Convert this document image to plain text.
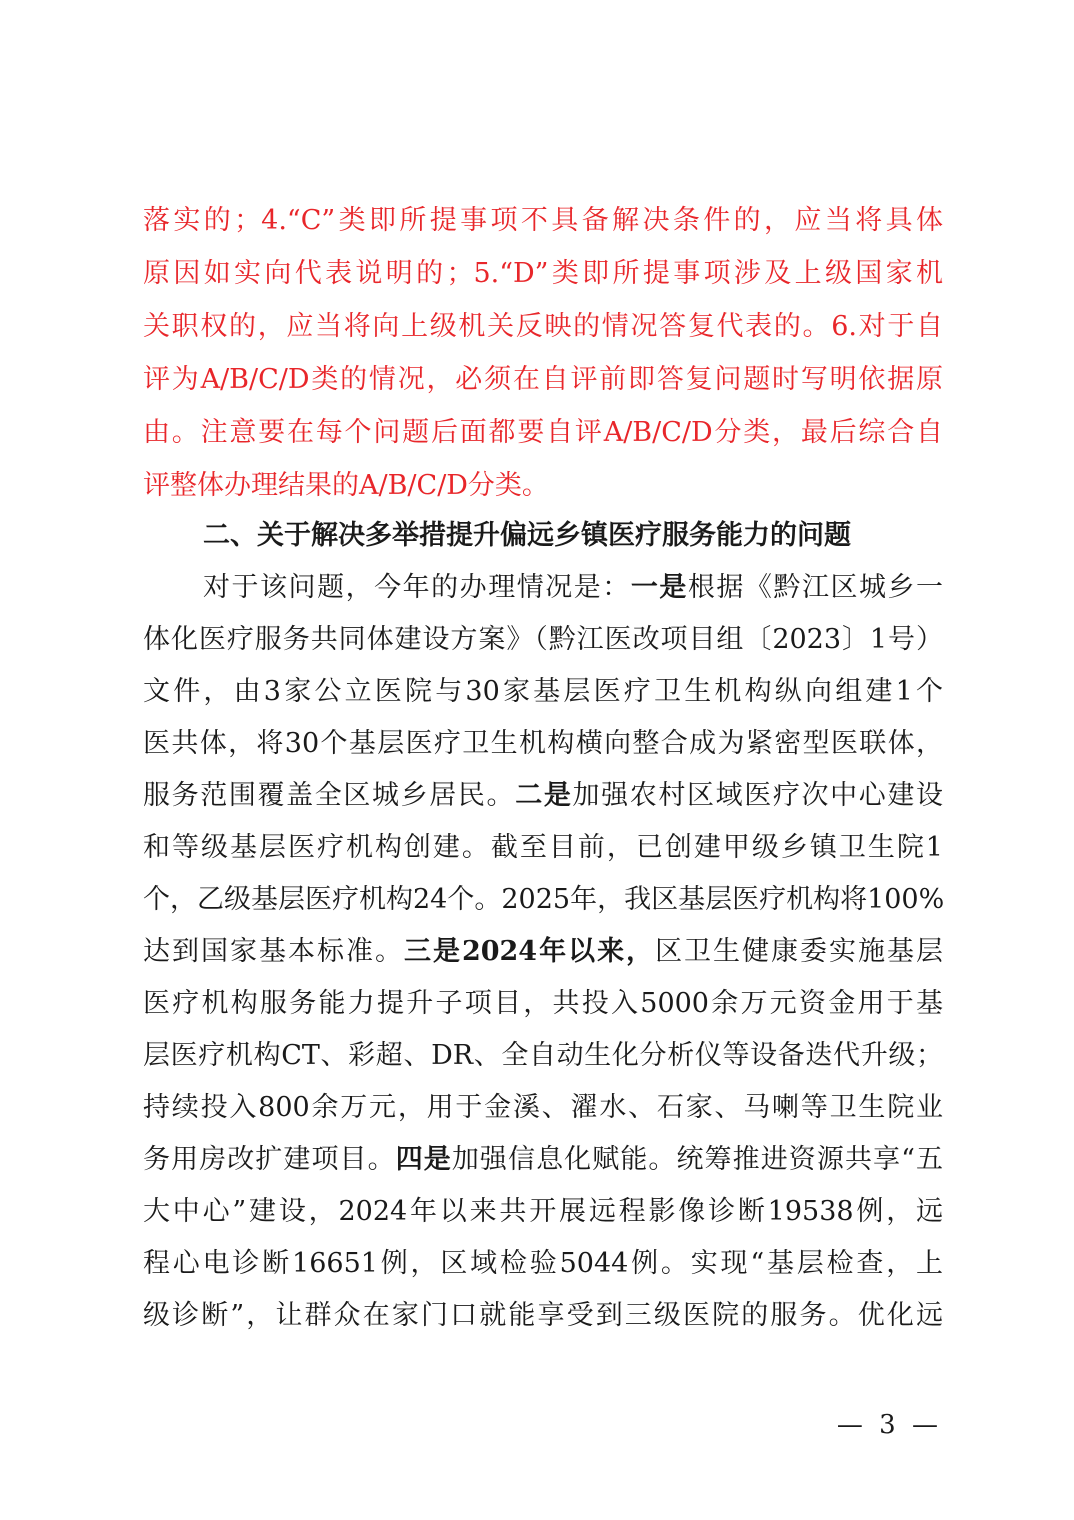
落实的；4.“C”类即所提事项不具备解决条件的，应当将具体
原因如实向代表说明的；5.“D”类即所提事项涉及上级国家机
关职权的，应当将向上级机关反映的情况答复代表的。6.对于自
评为A/B/C/D类的情况，必须在自评前即答复问题时写明依据原
由。注意要在每个问题后面都要自评A/B/C/D分类，最后综合自
评整体办理结果的A/B/C/D分类。
二、关于解决多举措提升偏远乡镇医疗服务能力的问题
对于该问题，今年的办理情况是：一是根据《黔江区城乡一
体化医疗服务共同体建设方案》（黔江医改项目组〔2023〕1号）
文件，由3家公立医院与30家基层医疗卫生机构纵向组建1个
医共体，将30个基层医疗卫生机构横向整合成为紧密型医联体，
服务范围覆盖全区城乡居民。二是加强农村区域医疗次中心建设
和等级基层医疗机构创建。截至目前，已创建甲级乡镇卫生院1
个，乙级基层医疗机构24个。2025年，我区基层医疗机构将100%
达到国家基本标准。三是2024年以来，区卫生健康委实施基层
医疗机构服务能力提升子项目，共投入5000余万元资金用于基
层医疗机构CT、彩超、DR、全自动生化分析仪等设备迭代升级；
持续投入800余万元，用于金溪、濯水、石家、马喇等卫生院业
务用房改扩建项目。四是加强信息化赋能。统筹推进资源共享“五
大中心”建设，2024年以来共开展远程影像诊断19538例，远
程心电诊断16651例，区域检验5044例。实现“基层检查，上
级诊断”，让群众在家门口就能享受到三级医院的服务。优化远
— 3 —
